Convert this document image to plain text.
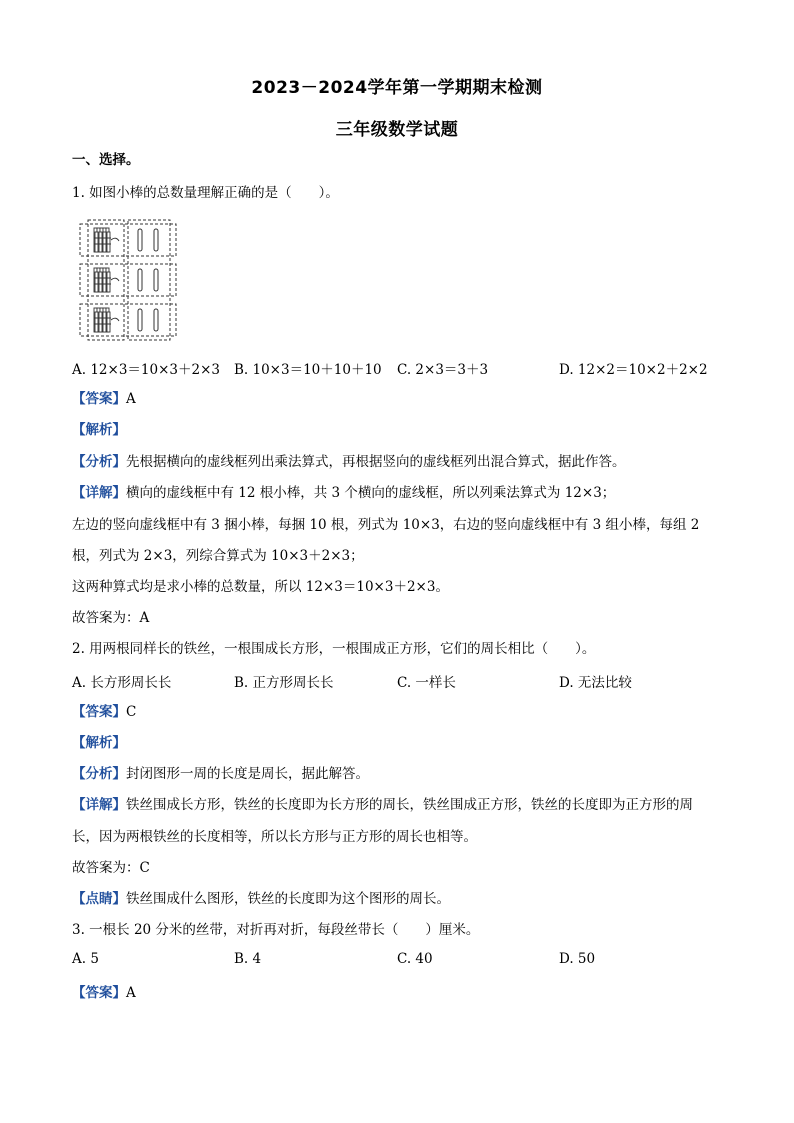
2023－2024学年第一学期期末检测
三年级数学试题
一、选择。
1. 如图小棒的总数量理解正确的是（　　）。
A. 12×3＝10×3＋2×3 B. 10×3＝10＋10＋10 C. 2×3＝3＋3	D. 12×2＝10×2＋2×2
【答案】A
【解析】
【分析】先根据横向的虚线框列出乘法算式，再根据竖向的虚线框列出混合算式，据此作答。
【详解】横向的虚线框中有 12 根小棒，共 3 个横向的虚线框，所以列乘法算式为 12×3；
左边的竖向虚线框中有 3 捆小棒，每捆 10 根，列式为 10×3，右边的竖向虚线框中有 3 组小棒，每组 2
根，列式为 2×3，列综合算式为 10×3＋2×3；
这两种算式均是求小棒的总数量，所以 12×3＝10×3＋2×3。
故答案为：A
2. 用两根同样长的铁丝，一根围成长方形，一根围成正方形，它们的周长相比（　　）。
A. 长方形周长长	B. 正方形周长长	C. 一样长	D. 无法比较
【答案】C
【解析】
【分析】封闭图形一周的长度是周长，据此解答。
【详解】铁丝围成长方形，铁丝的长度即为长方形的周长，铁丝围成正方形，铁丝的长度即为正方形的周
长，因为两根铁丝的长度相等，所以长方形与正方形的周长也相等。
故答案为：C
【点睛】铁丝围成什么图形，铁丝的长度即为这个图形的周长。
3. 一根长 20 分米的丝带，对折再对折，每段丝带长（　　）厘米。
A. 5	B. 4	C. 40	D. 50
【答案】A
